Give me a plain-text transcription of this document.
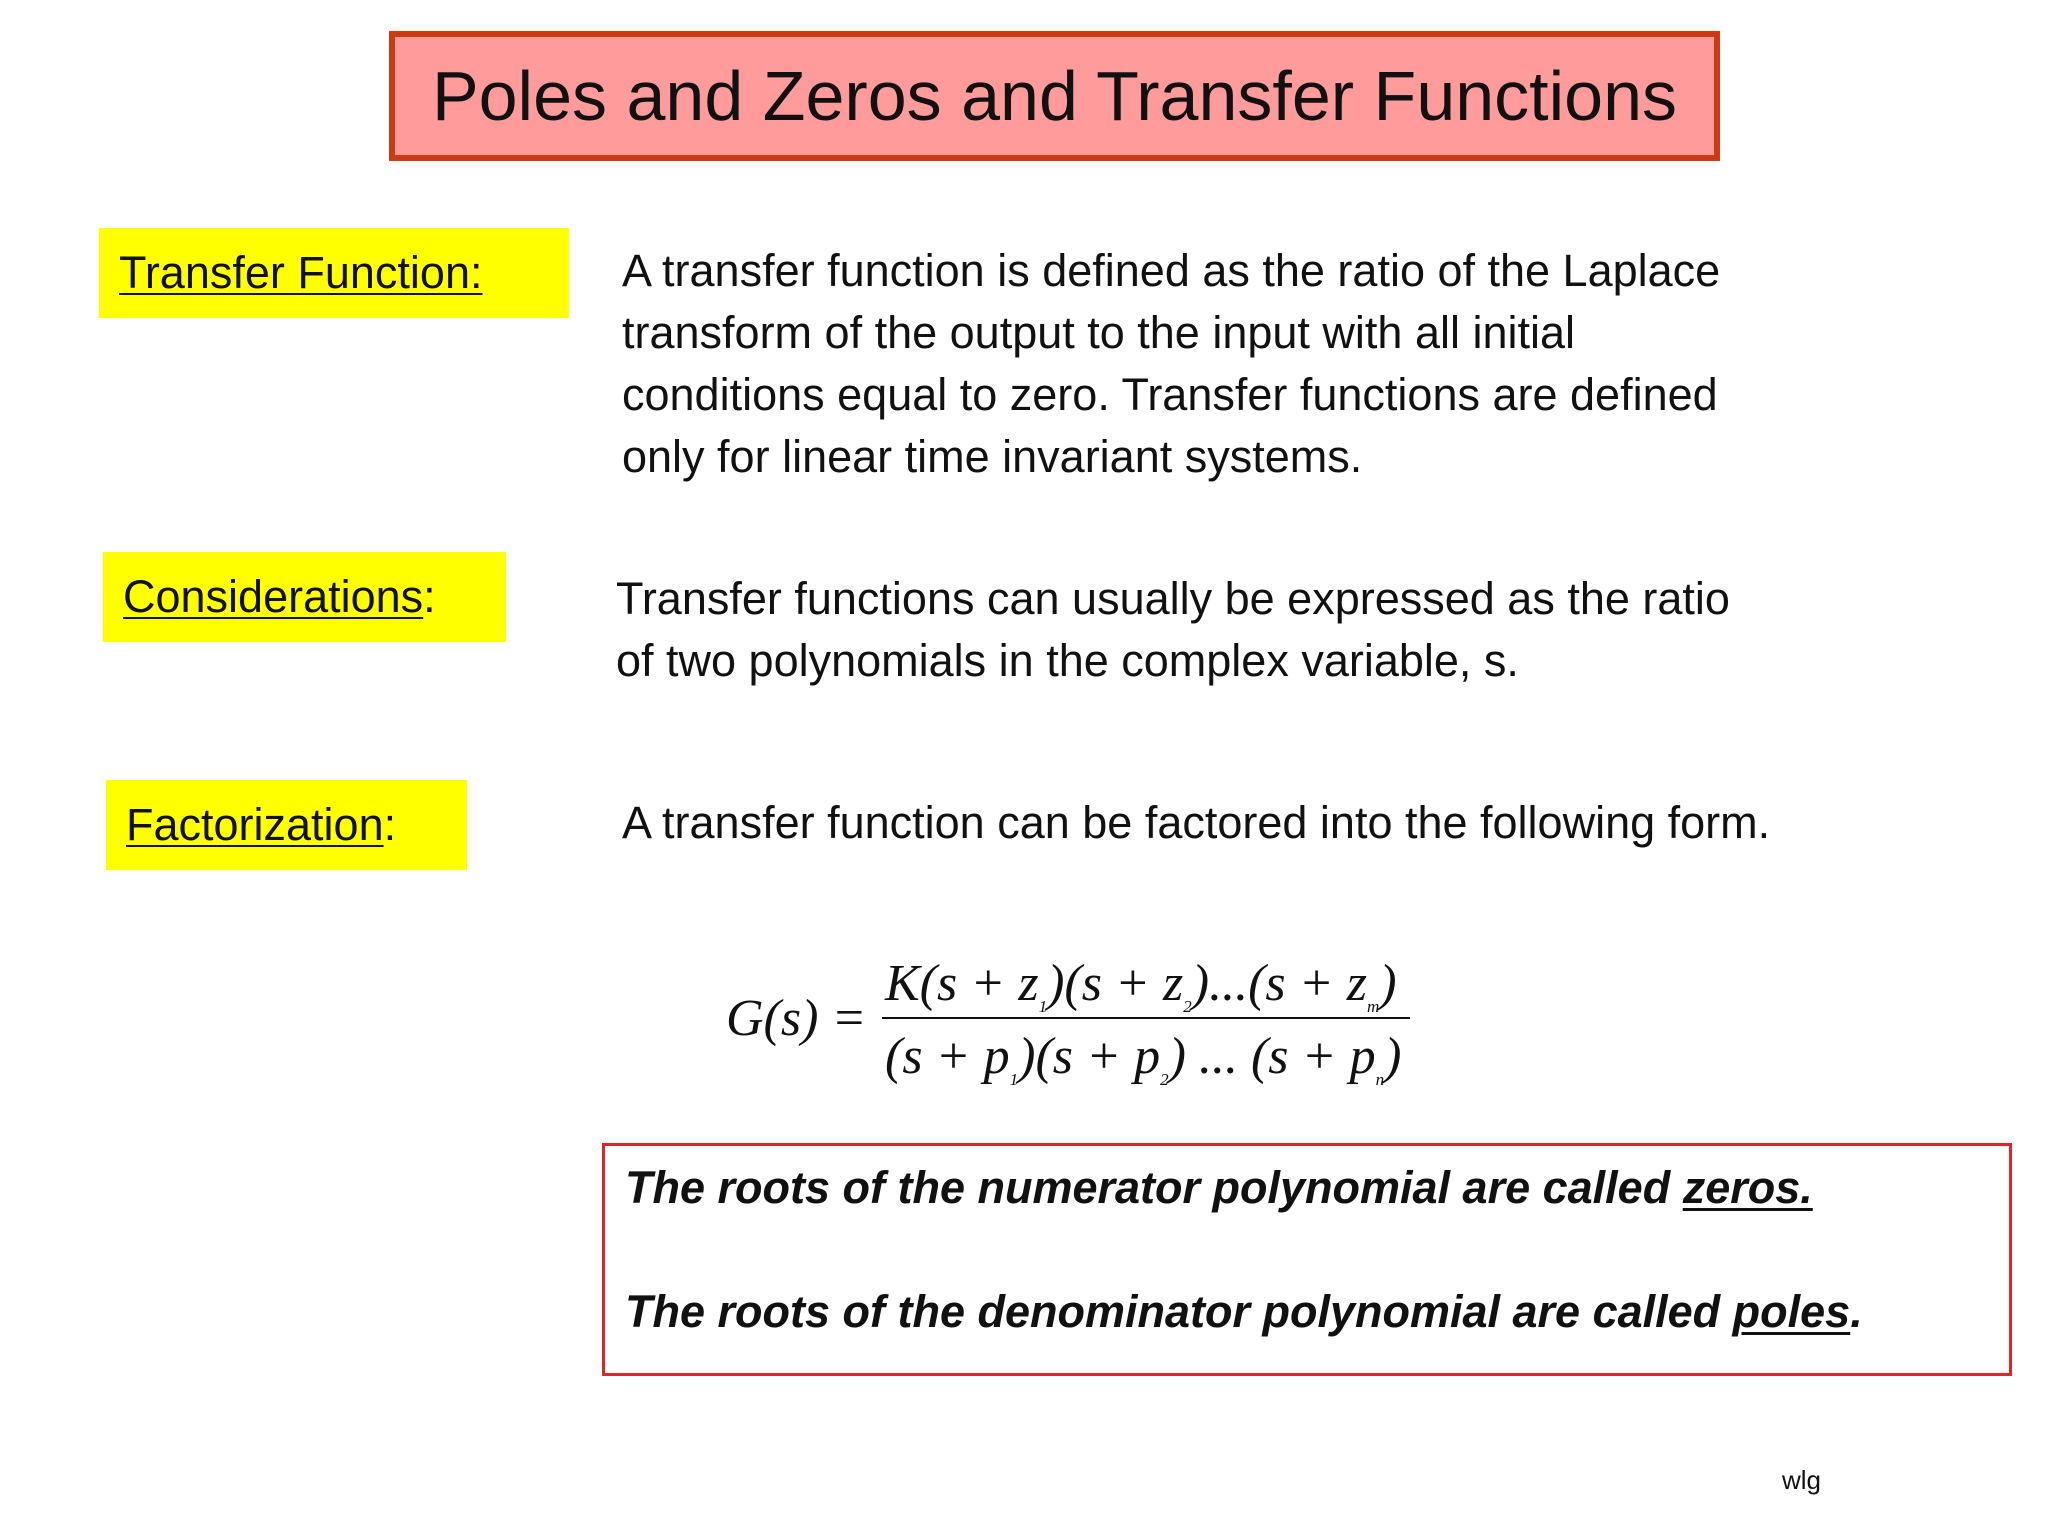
Poles and Zeros and Transfer Functions
Transfer Function:	A transfer function is defined as the ratio of the Laplace
transform of the output to the input with all initial
conditions equal to zero. Transfer functions are defined
only for linear time invariant systems.
Considerations :	Transfer functions can usually be expressed as the ratio
of two polynomials in the complex variable, s.
Factorization :	A transfer function can be factored into the following form.
G(s) =
$K(s + z_1)(s + z_2)...(s + z_m)$
$(s + p_1)(s + p_2)$ ... $(s + p_n)$
The roots of the numerator polynomial are called zeros.
The roots of the denominator polynomial are called poles.
wlg
